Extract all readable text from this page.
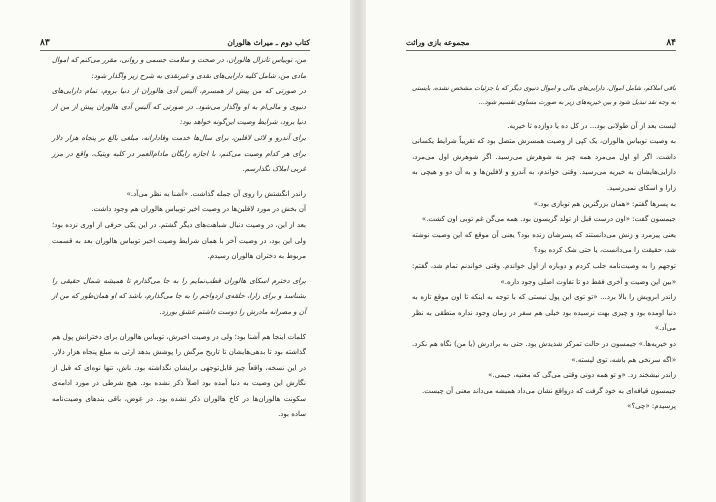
۸۳	کتاب دوم ـ میراث هالوران

من، توبیاس تانزال هالوران، در صحت و سلامت جسمی و روانی، مقرر می‌کنم که اموال مادی من، شامل کلیه دارایی‌های نقدی و غیرنقدی به شرح زیر واگذار شود:

در صورتی که من پیش از همسرم، آلیس آدی هالوران از دنیا بروم، تمام دارایی‌های دنیوی و مالی‌ام به او واگذار می‌شود. در صورتی که آلیس آدی هالوران پیش از من از دنیا برود، شرایط وصیت این‌گونه خواهد بود:

برای آندرو و لائی لافلین، برای سال‌ها خدمت وفادارانه، مبلغی بالغ بر پنجاه هزار دلار برای هر کدام وصیت می‌کنم، با اجازه رایگان مادام‌العمر در کلبه ویتیک، واقع در مرز غربی املاک نگذارسم.

زاندر انگشتش را روی آن جمله گذاشت. «آشنا به نظر می‌آد.»

آن بخش در مورد لافلین‌ها در وصیت اخیر توبیاس هالوران هم وجود داشت.

بعد از این، در وصیت دنبال شباهت‌های دیگر گشتم. در این یکی حرفی از اوری نزده بود؛ ولی این بود، در وصیت آخر با همان شرایط وصیت اخیر توبیاس هالوران بعد به قسمت مربوط به دختران هالوران رسیدم.

برای دخترم اسکای هالوران قطب‌نمایم را به جا می‌گذارم تا همیشه شمال حقیقی را بشناسد و برای زارا، حلقه‌ی ازدواجم را به جا می‌گذارم، باشد که او همان‌طور که من از آن و مصرانه مادرش را دوست داشتم عشق بورزد.

کلمات اینجا هم آشنا بود؛ ولی در وصیت اخیرش، توبیاس هالوران برای دخترانش پول هم گذاشته بود تا بدهی‌هایشان تا تاریخ مرگش را پوشش بدهد ارثی به مبلغ پنجاه هزار دلار. در این نسخه، واقعاً چیز قابل‌توجهی برایشان نگذاشته بود. ناش، تنها نوه‌ای که قبل از نگارش این وصیت به دنیا آمده بود اصلاً ذکر نشده بود. هیچ شرطی در مورد ادامه‌ی سکونت هالوران‌ها در کاخ هالوران ذکر نشده بود. در عوض، باقی بندهای وصیت‌نامه ساده بود.

۸۴
مجموعه بازی وراثت

باقی املاکم، شامل اموال، دارایی‌های مالی و اموال دنیوی دیگر که با جزئیات مشخص نشده، بایستی به وجه نقد تبدیل شود و بین خیریه‌های زیر به صورت مساوی تقسیم شود...

لیست بعد از آن طولانی بود... در کل ده یا دوازده تا خیریه.

به وصیت توبیاس هالوران، یک کپی از وصیت همسرش متصل بود که تقریباً شرایط یکسانی داشت. اگر او اول می‌مرد همه چیز به شوهرش می‌رسید. اگر شوهرش اول می‌مرد، دارایی‌هایشان به خیریه می‌رسید. وقتی خواندم، به آندرو و لافلین‌ها و به آن دو و هیچی به زارا و اسکای نمی‌رسید.

به پسرها گفتم: «همان بزرگترین هم توبازی بود.»

جیمسون گفت: «اون درست قبل از تولد گریسون بود. همه می‌گن غم توبی اون کشت.»

یعنی پیرمرد و زنش می‌دانستند که پسرشان زنده بود؟ یعنی آن موقع که این وصیت نوشته شد، حقیقت را می‌دانست، یا حتی شک کرده بود؟

توجهم را به وصیت‌نامه جلب کردم و دوباره از اول خواندم. وقتی خواندنم تمام شد، گفتم: «بین این وصیت و آخری فقط دو تا تفاوت اصلی وجود داره.»

زاندر ابرویش را بالا برد... «تو توی این پول نیستی که با توجه به اینکه تا اون موقع تازه به دنیا اومده بود و چیزی بهت نرسیده بود خیلی هم سفر در زمان وجود نداره منطقی به نظر می‌آد.»

دو خیریه‌ها.» جیمسون در حالت تمرکز شدیدش بود. حتی به برادرش (یا من) نگاه هم نکرد. «اگه سرنخی هم باشه، توی لیسته.»

زاندر نیشخند زد. «و تو همه دونی وقتی می‌گی که معنیه، جیمی.»

جیمسون قیافه‌ای به خود گرفت که درواقع نشان می‌داد همیشه می‌داند معنی آن چیست.

پرسیدم: «چی؟»
